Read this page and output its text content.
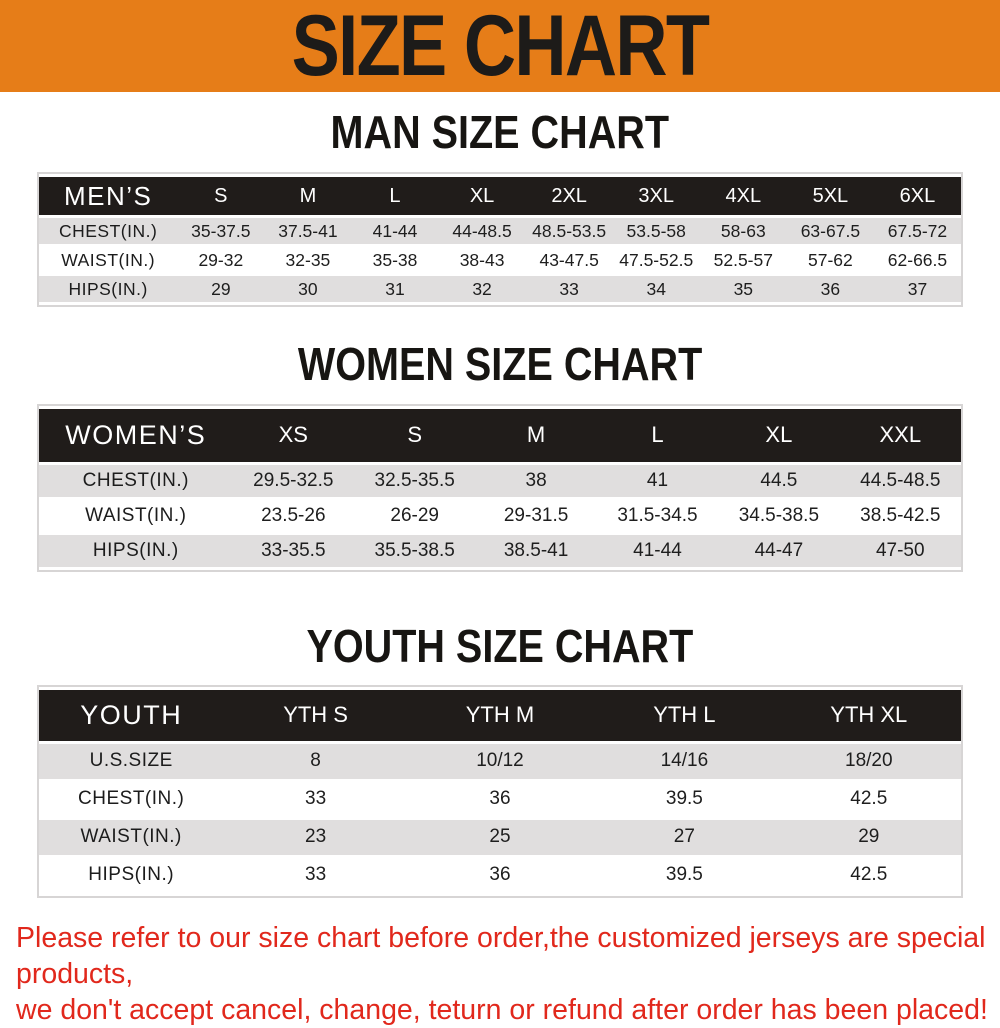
SIZE CHART
MAN SIZE CHART
MEN’S	S	M	L	XL	2XL	3XL	4XL	5XL	6XL
CHEST(IN.)	35-37.5	37.5-41	41-44	44-48.5	48.5-53.5	53.5-58	58-63	63-67.5	67.5-72
WAIST(IN.)	29-32	32-35	35-38	38-43	43-47.5	47.5-52.5	52.5-57	57-62	62-66.5
HIPS(IN.)	29	30	31	32	33	34	35	36	37
WOMEN SIZE CHART
WOMEN’S	XS	S	M	L	XL	XXL
CHEST(IN.)	29.5-32.5	32.5-35.5	38	41	44.5	44.5-48.5
WAIST(IN.)	23.5-26	26-29	29-31.5	31.5-34.5	34.5-38.5	38.5-42.5
HIPS(IN.)	33-35.5	35.5-38.5	38.5-41	41-44	44-47	47-50
YOUTH SIZE CHART
YOUTH	YTH S	YTH M	YTH L	YTH XL
U.S.SIZE	8	10/12	14/16	18/20
CHEST(IN.)	33	36	39.5	42.5
WAIST(IN.)	23	25	27	29
HIPS(IN.)	33	36	39.5	42.5

Please refer to our size chart before order,the customized jerseys are special products,

we don't accept cancel, change, teturn or refund after order has been placed!
